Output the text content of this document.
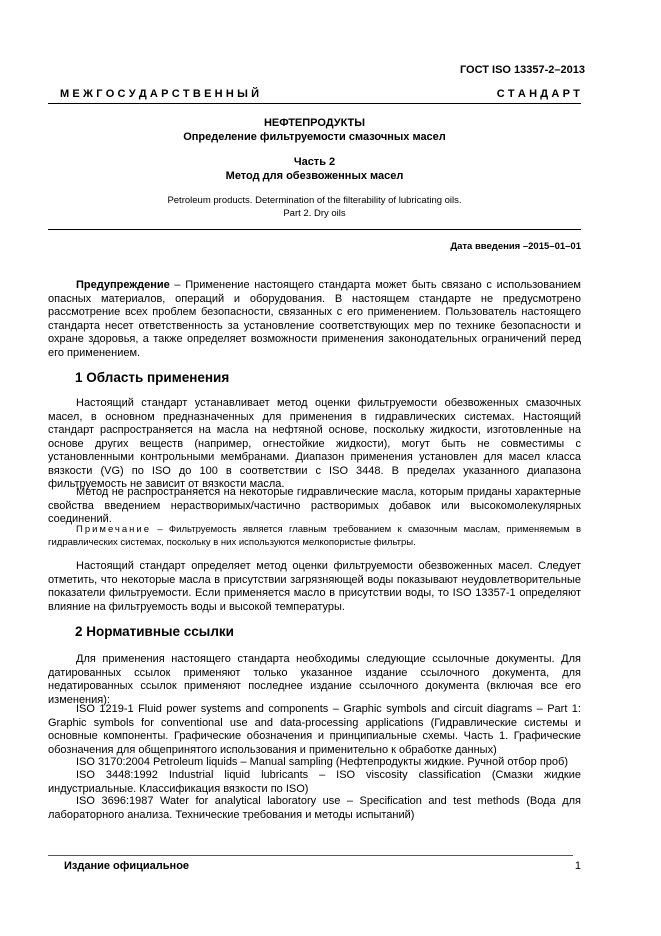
ГОСТ ISO 13357-2–2013
М Е Ж Г О С У Д А Р С Т В Е Н Н Ы Й	С Т А Н Д А Р Т
НЕФТЕПРОДУКТЫ
Определение фильтруемости смазочных масел
Часть 2
Метод для обезвоженных масел
Petroleum products. Determination of the filterability of lubricating oils.
Part 2. Dry oils
Дата введения –2015–01–01
Предупреждение – Применение настоящего стандарта может быть связано с использованием опасных материалов, операций и оборудования. В настоящем стандарте не предусмотрено рассмотрение всех проблем безопасности, связанных с его применением. Пользователь настоящего стандарта несет ответственность за установление соответствующих мер по технике безопасности и охране здоровья, а также определяет возможности применения законодательных ограничений перед его применением.
1 Область применения
Настоящий стандарт устанавливает метод оценки фильтруемости обезвоженных смазочных масел, в основном предназначенных для применения в гидравлических системах. Настоящий стандарт распространяется на масла на нефтяной основе, поскольку жидкости, изготовленные на основе других веществ (например, огнестойкие жидкости), могут быть не совместимы с установленными контрольными мембранами. Диапазон применения установлен для масел класса вязкости (VG) по ISO до 100 в соответствии с ISO 3448. В пределах указанного диапазона фильтруемость не зависит от вязкости масла.
Метод не распространяется на некоторые гидравлические масла, которым приданы характерные свойства введением нерастворимых/частично растворимых добавок или высокомолекулярных соединений.
Примечание – Фильтруемость является главным требованием к смазочным маслам, применяемым в гидравлических системах, поскольку в них используются мелкопористые фильтры.
Настоящий стандарт определяет метод оценки фильтруемости обезвоженных масел. Следует отметить, что некоторые масла в присутствии загрязняющей воды показывают неудовлетворительные показатели фильтруемости. Если применяется масло в присутствии воды, то ISO 13357-1 определяют влияние на фильтруемость воды и высокой температуры.
2 Нормативные ссылки
Для применения настоящего стандарта необходимы следующие ссылочные документы. Для датированных ссылок применяют только указанное издание ссылочного документа, для недатированных ссылок применяют последнее издание ссылочного документа (включая все его изменения):
ISO 1219-1 Fluid power systems and components – Graphic symbols and circuit diagrams – Part 1: Graphic symbols for conventional use and data-processing applications (Гидравлические системы и основные компоненты. Графические обозначения и принципиальные схемы. Часть 1. Графические обозначения для общепринятого использования и применительно к обработке данных)
ISO 3170:2004 Petroleum liquids – Manual sampling (Нефтепродукты жидкие. Ручной отбор проб)
ISO 3448:1992 Industrial liquid lubricants – ISO viscosity classification (Смазки жидкие индустриальные. Классификация вязкости по ISO)
ISO 3696:1987 Water for analytical laboratory use – Specification and test methods (Вода для лабораторного анализа. Технические требования и методы испытаний)
Издание официальное	1
